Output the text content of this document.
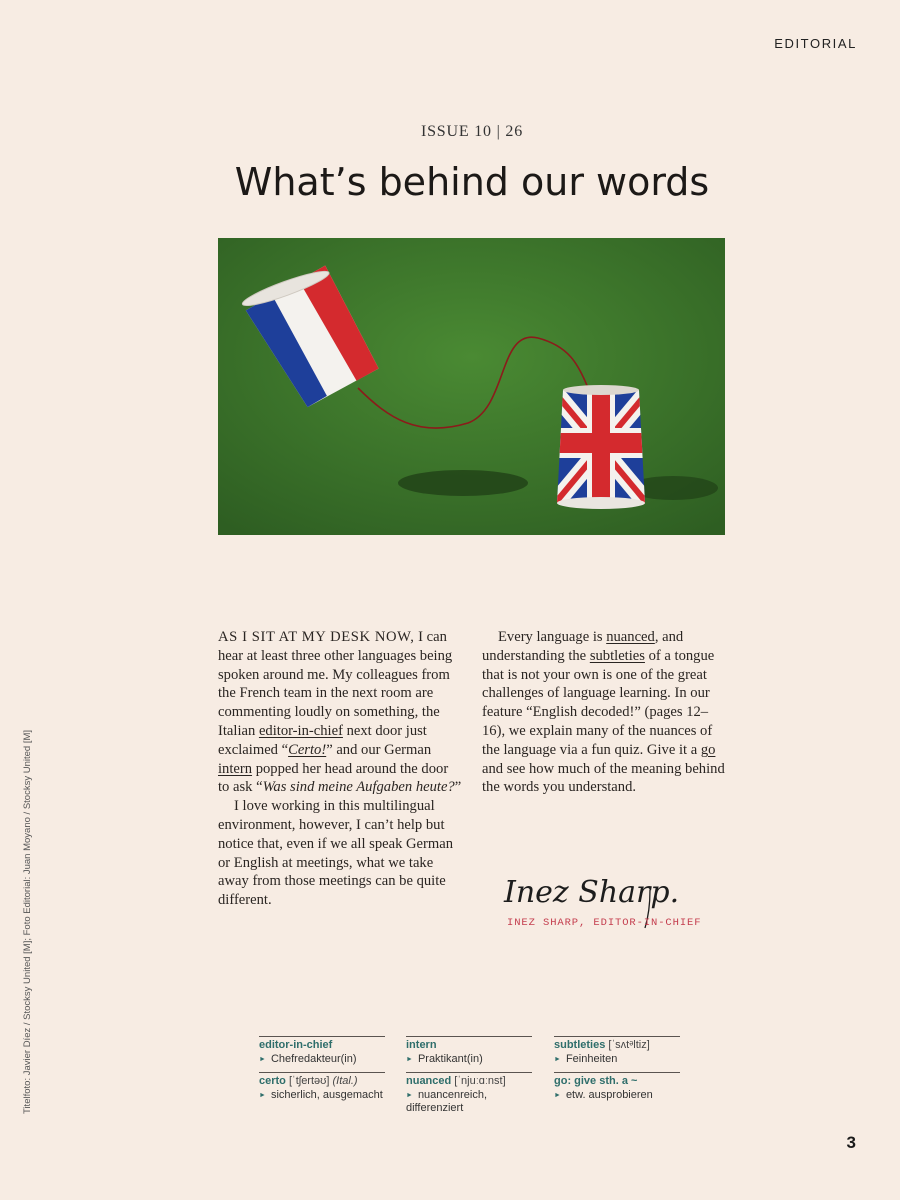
EDITORIAL
ISSUE 10 | 26
What’s behind our words
Titelfoto: Javier Díez / Stocksy United [M]; Foto Editorial: Juan Moyano / Stocksy United [M]

AS I SIT AT MY DESK NOW, I can hear at least three other languages being spoken around me. My colleagues from the French team in the next room are commenting loudly on something, the Italian editor-in-chief next door just exclaimed “Certo!” and our German intern popped her head around the door to ask “Was sind meine Aufgaben heute?”

I love working in this multilingual environment, however, I can’t help but notice that, even if we all speak German or English at meetings, what we take away from those meetings can be quite different.

Every language is nuanced, and understanding the subtleties of a tongue that is not your own is one of the great challenges of language learning. In our feature “English decoded!” (pages 12–16), we explain many of the nuances of the language via a fun quiz. Give it a go and see how much of the meaning behind the words you understand.

Inez Sharp.
INEZ SHARP, EDITOR-IN-CHIEF
editor-in-chief
► Chefredakteur(in)
certo [ˈtʃertəʊ] (Ital.)
► sicherlich, ausgemacht
intern
► Praktikant(in)
nuanced [ˈnjuːɑːnst]
► nuancenreich, differenziert
subtleties [ˈsʌtᵊltiz]
► Feinheiten
go: give sth. a ~
► etw. ausprobieren
3
